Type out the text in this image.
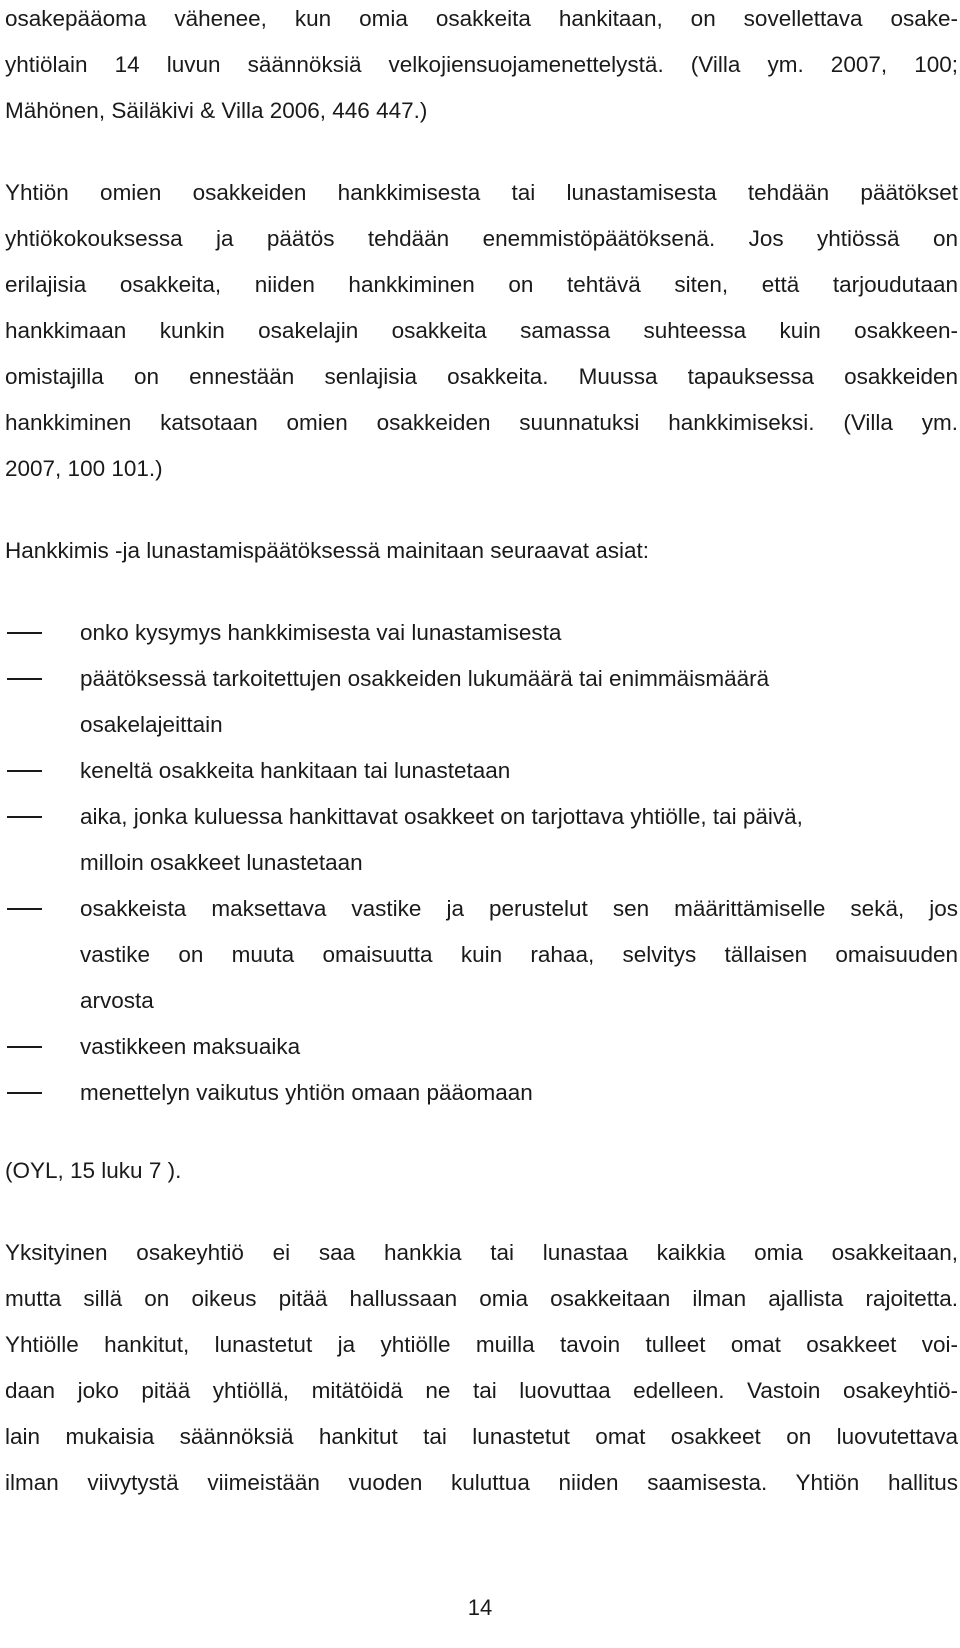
osakepääoma vähenee, kun omia osakkeita hankitaan, on sovellettava osake-
yhtiölain 14 luvun säännöksiä velkojiensuojamenettelystä. (Villa ym. 2007, 100;
Mähönen, Säiläkivi & Villa 2006, 446 447.)
Yhtiön omien osakkeiden hankkimisesta tai lunastamisesta tehdään päätökset
yhtiökokouksessa ja päätös tehdään enemmistöpäätöksenä. Jos yhtiössä on
erilajisia osakkeita, niiden hankkiminen on tehtävä siten, että tarjoudutaan
hankkimaan kunkin osakelajin osakkeita samassa suhteessa kuin osakkeen-
omistajilla on ennestään senlajisia osakkeita. Muussa tapauksessa osakkeiden
hankkiminen katsotaan omien osakkeiden suunnatuksi hankkimiseksi. (Villa ym.
2007, 100 101.)
Hankkimis -ja lunastamispäätöksessä mainitaan seuraavat asiat:
onko kysymys hankkimisesta vai lunastamisesta
päätöksessä tarkoitettujen osakkeiden lukumäärä tai enimmäismäärä
osakelajeittain
keneltä osakkeita hankitaan tai lunastetaan
aika, jonka kuluessa hankittavat osakkeet on tarjottava yhtiölle, tai päivä,
milloin osakkeet lunastetaan
osakkeista maksettava vastike ja perustelut sen määrittämiselle sekä, jos
vastike on muuta omaisuutta kuin rahaa, selvitys tällaisen omaisuuden
arvosta
vastikkeen maksuaika
menettelyn vaikutus yhtiön omaan pääomaan
(OYL, 15 luku 7 ).
Yksityinen osakeyhtiö ei saa hankkia tai lunastaa kaikkia omia osakkeitaan,
mutta sillä on oikeus pitää hallussaan omia osakkeitaan ilman ajallista rajoitetta.
Yhtiölle hankitut, lunastetut ja yhtiölle muilla tavoin tulleet omat osakkeet voi-
daan joko pitää yhtiöllä, mitätöidä ne tai luovuttaa edelleen. Vastoin osakeyhtiö-
lain mukaisia säännöksiä hankitut tai lunastetut omat osakkeet on luovutettava
ilman viivytystä viimeistään vuoden kuluttua niiden saamisesta. Yhtiön hallitus
14
